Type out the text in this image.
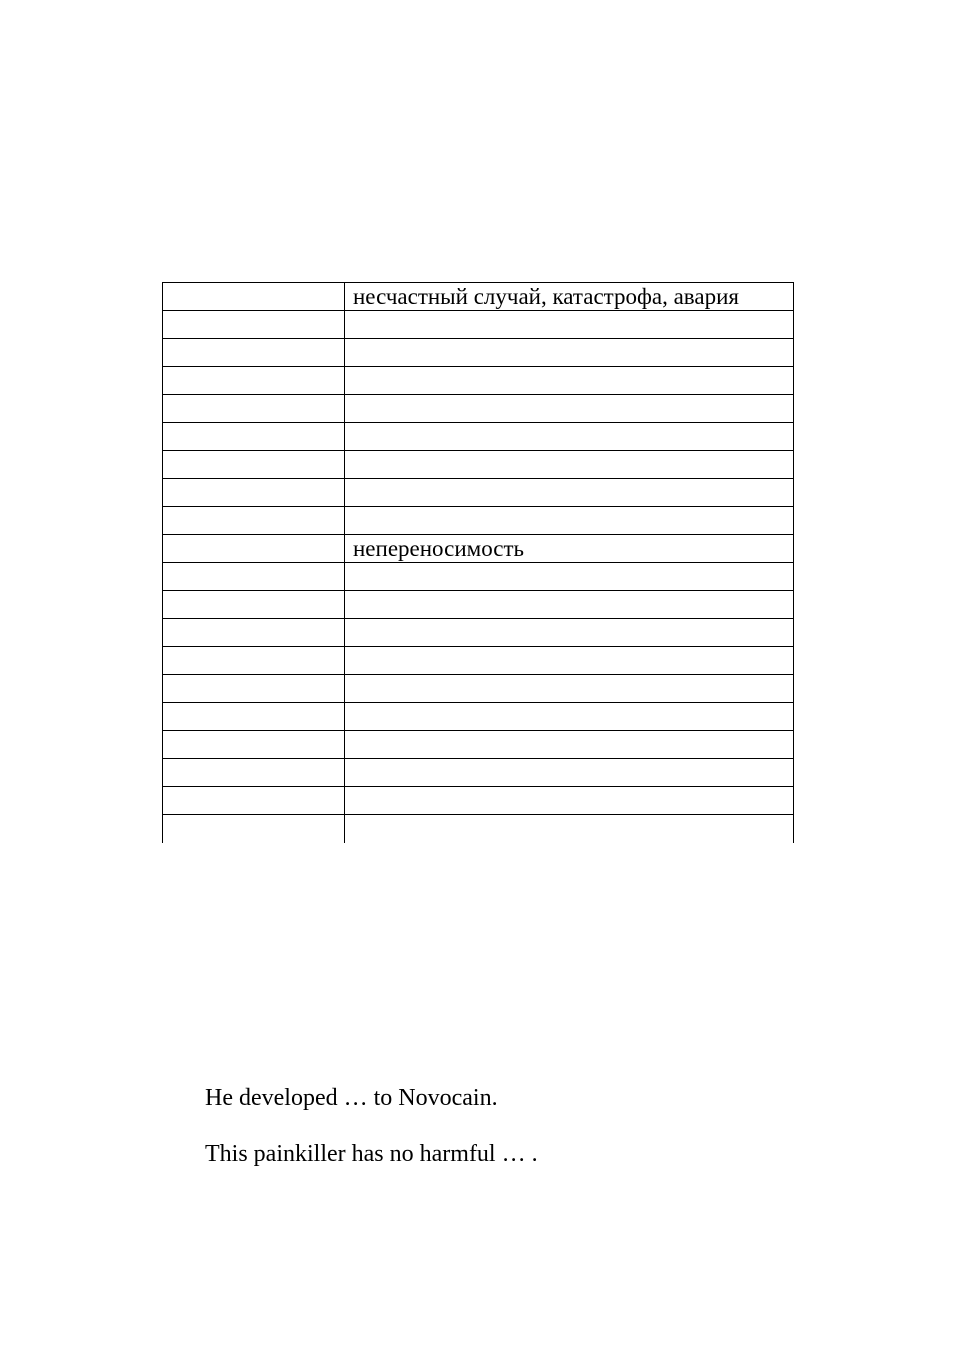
	несчастный случай, катастрофа, авария

	непереносимость

He developed … to Novocain.

This painkiller has no harmful … .
